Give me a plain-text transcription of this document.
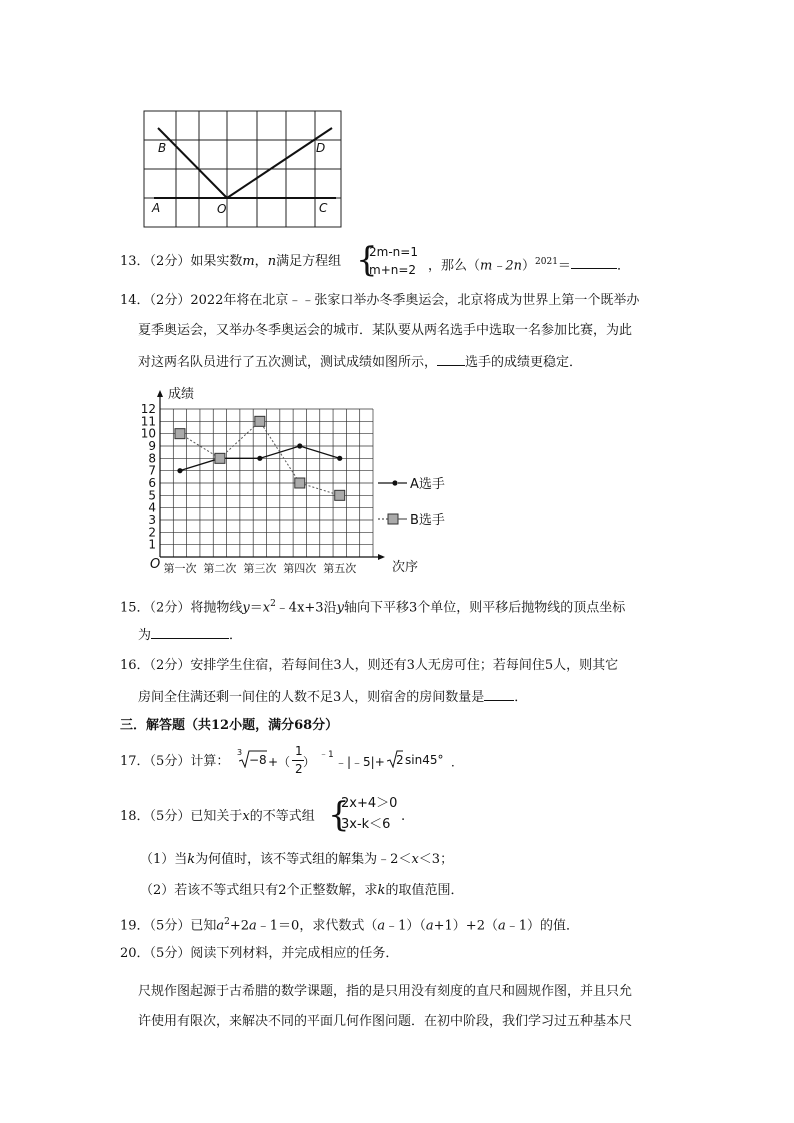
B	D
A	O	C
13．（2分）如果实数m，n满足方程组 {
2m-n=1
m+n=2 ，那么（m﹣2n）$^{2021}$＝	．
14．（2分）2022年将在北京﹣﹣张家口举办冬季奥运会，北京将成为世界上第一个既举办
夏季奥运会，又举办冬季奥运会的城市．某队要从两名选手中选取一名参加比赛，为此
对这两名队员进行了五次测试，测试成绩如图所示， 选手的成绩更稳定．
1
2
3
4
5
6
7
8
9
10
11
12
第一次 第二次 第三次 第四次 第五次
A选手
B选手
成绩
次序
O
15．（2分）将抛物线$y=x^2﹣4x+3$沿y轴向下平移3个单位，则平移后抛物线的顶点坐标
为	．
16．（2分）安排学生住宿，若每间住3人，则还有3人无房可住；若每间住5人，则其它
房间全住满还剩一间住的人数不足3人，则宿舍的房间数量是 ．
三．解答题（共12小题，满分68分）
17．（5分）计算：
3
−8 +（
1
2 ） ﹣1 ﹣|﹣5|+ 2 sin45° ．
18．（5分）已知关于x的不等式组 {
2x+4＞0
3x-k＜6
.
（1）当k为何值时，该不等式组的解集为﹣2＜x＜3；
（2）若该不等式组只有2个正整数解，求k的取值范围．
19．（5分）已知$a^2+2a﹣1=0$，求代数式（a﹣1）（a+1）+2（a﹣1）的值．
20．（5分）阅读下列材料，并完成相应的任务．
尺规作图起源于古希腊的数学课题，指的是只用没有刻度的直尺和圆规作图，并且只允
许使用有限次，来解决不同的平面几何作图问题．在初中阶段，我们学习过五种基本尺
